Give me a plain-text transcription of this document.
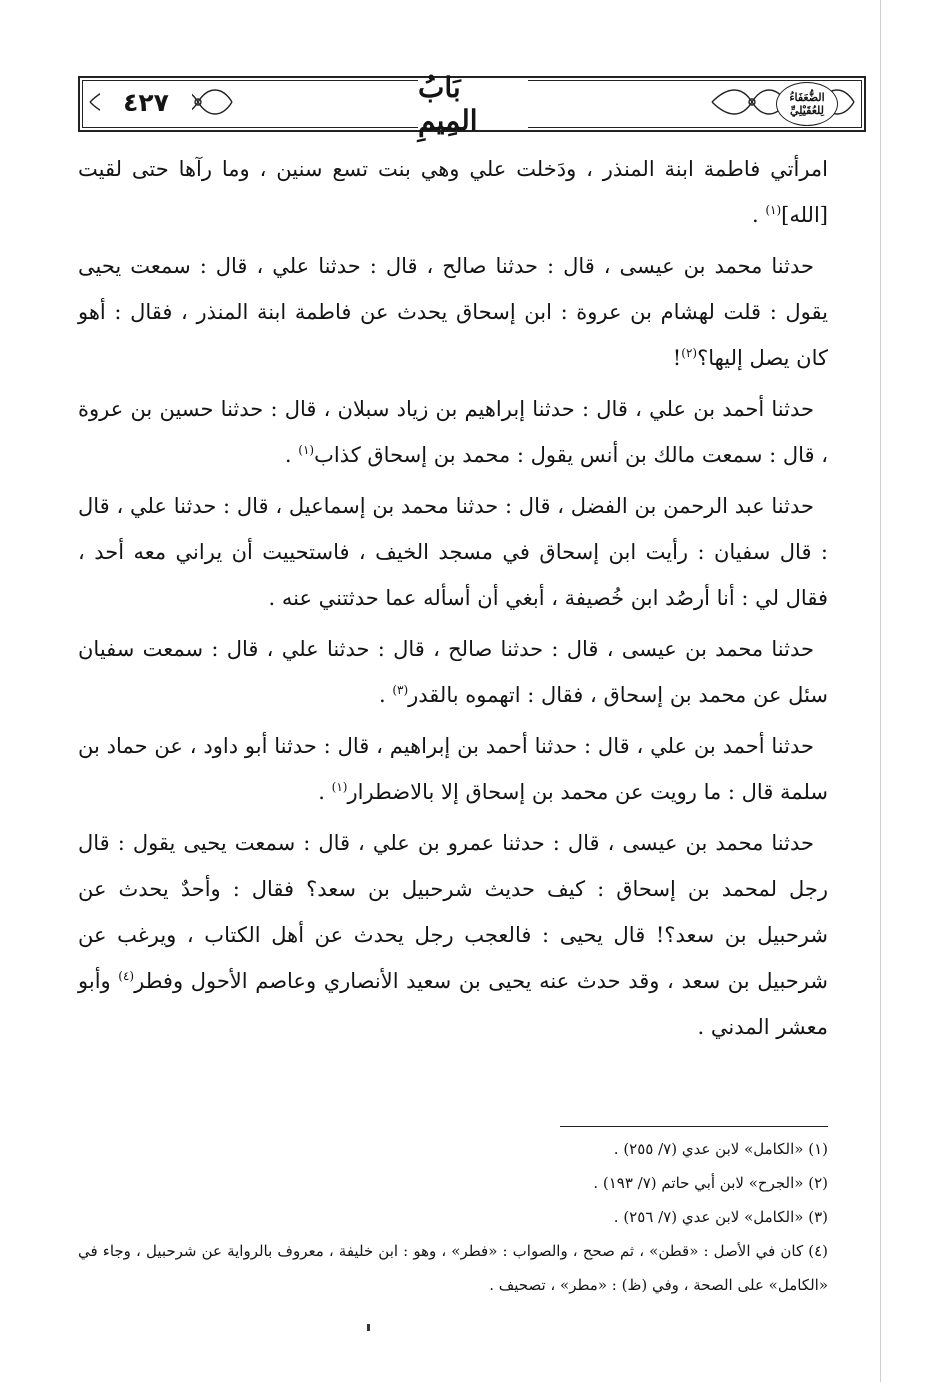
٤٢٧	بَابُ المِيمِ
الضُّعَفَاءُ
لِلعُقَيْلِيِّ

امرأتي فاطمة ابنة المنذر ، ودَخلت علي وهي بنت تسع سنين ، وما رآها حتى لقيت [الله]$^{(١)}$ .

حدثنا محمد بن عيسى ، قال : حدثنا صالح ، قال : حدثنا علي ، قال : سمعت يحيى يقول : قلت لهشام بن عروة : ابن إسحاق يحدث عن فاطمة ابنة المنذر ، فقال : أهو كان يصل إليها؟$^{(٢)}$!

حدثنا أحمد بن علي ، قال : حدثنا إبراهيم بن زياد سبلان ، قال : حدثنا حسين بن عروة ، قال : سمعت مالك بن أنس يقول : محمد بن إسحاق كذاب$^{(١)}$ .

حدثنا عبد الرحمن بن الفضل ، قال : حدثنا محمد بن إسماعيل ، قال : حدثنا علي ، قال : قال سفيان : رأيت ابن إسحاق في مسجد الخيف ، فاستحييت أن يراني معه أحد ، فقال لي : أنا أرصُد ابن خُصيفة ، أبغي أن أسأله عما حدثتني عنه .

حدثنا محمد بن عيسى ، قال : حدثنا صالح ، قال : حدثنا علي ، قال : سمعت سفيان سئل عن محمد بن إسحاق ، فقال : اتهموه بالقدر$^{(٣)}$ .

حدثنا أحمد بن علي ، قال : حدثنا أحمد بن إبراهيم ، قال : حدثنا أبو داود ، عن حماد بن سلمة قال : ما رويت عن محمد بن إسحاق إلا بالاضطرار$^{(١)}$ .

حدثنا محمد بن عيسى ، قال : حدثنا عمرو بن علي ، قال : سمعت يحيى يقول : قال رجل لمحمد بن إسحاق : كيف حديث شرحبيل بن سعد؟ فقال : وأحدٌ يحدث عن شرحبيل بن سعد؟! قال يحيى : فالعجب رجل يحدث عن أهل الكتاب ، ويرغب عن شرحبيل بن سعد ، وقد حدث عنه يحيى بن سعيد الأنصاري وعاصم الأحول وفطر$^{(٤)}$ وأبو معشر المدني .

(١) «الكامل» لابن عدي (٧/ ٢٥٥) .

(٢) «الجرح» لابن أبي حاتم (٧/ ١٩٣) .

(٣) «الكامل» لابن عدي (٧/ ٢٥٦) .

(٤) كان في الأصل : «قطن» ، ثم صحح ، والصواب : «فطر» ، وهو : ابن خليفة ، معروف بالرواية عن شرحبيل ، وجاء في «الكامل» على الصحة ، وفي (ظ) : «مطر» ، تصحيف .
